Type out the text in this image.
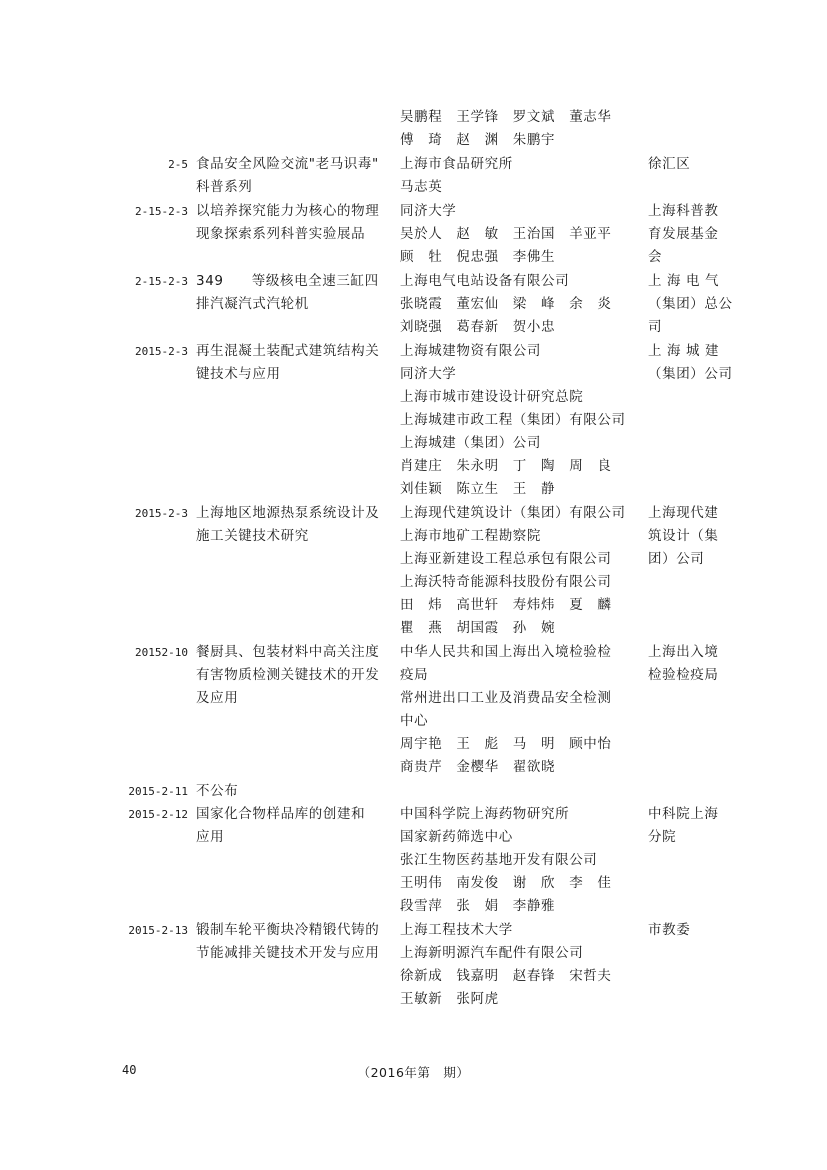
吴鹏程　王学锋　罗文斌　董志华
傅　琦　赵　渊　朱鹏宇
2-5 食品安全风险交流"老马识毒"
科普系列
上海市食品研究所
马志英
徐汇区
2-15-2-3 以培养探究能力为核心的物理
现象探索系列科普实验展品
同济大学
吴於人　赵　敏　王治国　羊亚平
顾　牡　倪忠强　李佛生
上海科普教
育发展基金
会
2-15-2-3 349　　等级核电全速三缸四
排汽凝汽式汽轮机
上海电气电站设备有限公司
张晓霞　董宏仙　梁　峰　余　炎
刘晓强　葛春新　贺小忠
上 海 电 气
（集团）总公
司
2015-2-3 再生混凝土装配式建筑结构关
键技术与应用
上海城建物资有限公司
同济大学
上海市城市建设设计研究总院
上海城建市政工程（集团）有限公司
上海城建（集团）公司
肖建庄　朱永明　丁　陶　周　良
刘佳颖　陈立生　王　静
上 海 城 建
（集团）公司
2015-2-3 上海地区地源热泵系统设计及
施工关键技术研究
上海现代建筑设计（集团）有限公司
上海市地矿工程勘察院
上海亚新建设工程总承包有限公司
上海沃特奇能源科技股份有限公司
田　炜　高世轩　寿炜炜　夏　麟
瞿　燕　胡国霞　孙　婉
上海现代建
筑设计（集
团）公司
20152-10 餐厨具、包装材料中高关注度
有害物质检测关键技术的开发
及应用
中华人民共和国上海出入境检验检
疫局
常州进出口工业及消费品安全检测
中心
周宇艳　王　彪　马　明　顾中怡
商贵芹　金樱华　翟欲晓
上海出入境
检验检疫局
2015-2-11 不公布
2015-2-12 国家化合物样品库的创建和
应用
中国科学院上海药物研究所
国家新药筛选中心
张江生物医药基地开发有限公司
王明伟　南发俊　谢　欣　李　佳
段雪萍　张　娟　李静雅
中科院上海
分院
2015-2-13 锻制车轮平衡块冷精锻代铸的
节能减排关键技术开发与应用
上海工程技术大学
上海新明源汽车配件有限公司
徐新成　钱嘉明　赵春锋　宋哲夫
王敏新　张阿虎
市教委
40	（2016年第　期）
